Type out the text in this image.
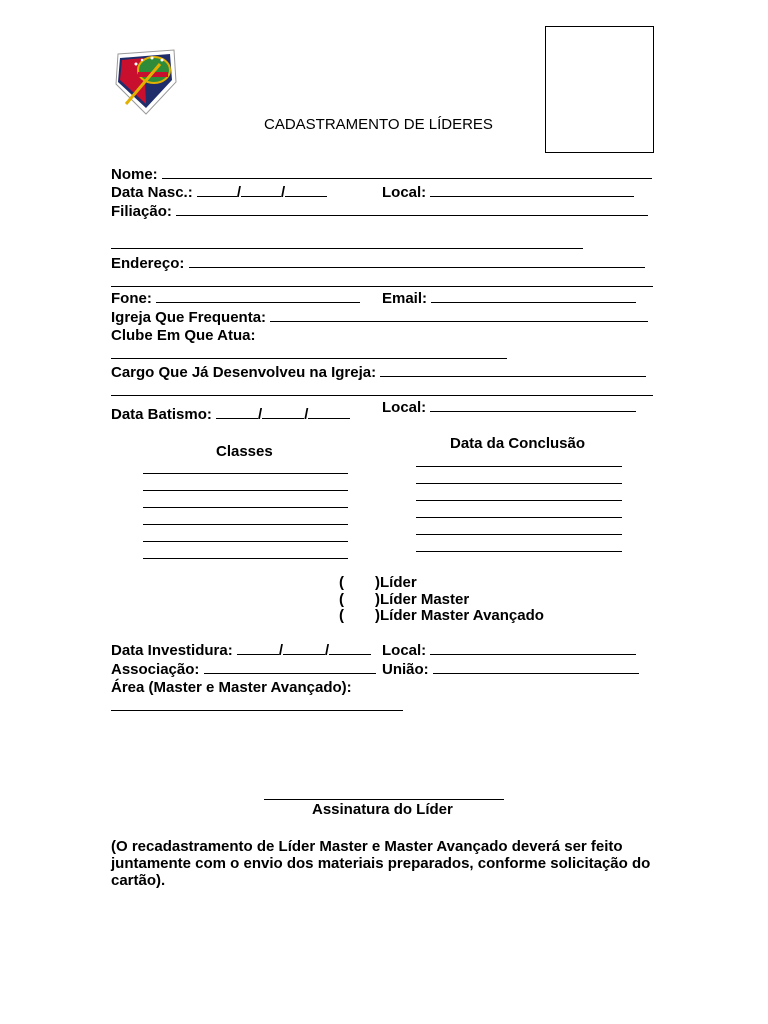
CADASTRAMENTO DE LÍDERES
Nome:
Data Nasc.:	/	/	Local:
Filiação:
Endereço:
Fone:	Email:
Igreja Que Frequenta:
Clube Em Que Atua:
Cargo Que Já Desenvolveu na Igreja:
Data Batismo:	/	/	Local:
Classes	Data da Conclusão
( )Líder
( )Líder Master
( )Líder Master Avançado
Data Investidura:	/	/	Local:
Associação:	União:
Área (Master e Master Avançado):
Assinatura do Líder
(O recadastramento de Líder Master e Master Avançado deverá ser feito juntamente com o envio dos materiais preparados, conforme solicitação do cartão).
